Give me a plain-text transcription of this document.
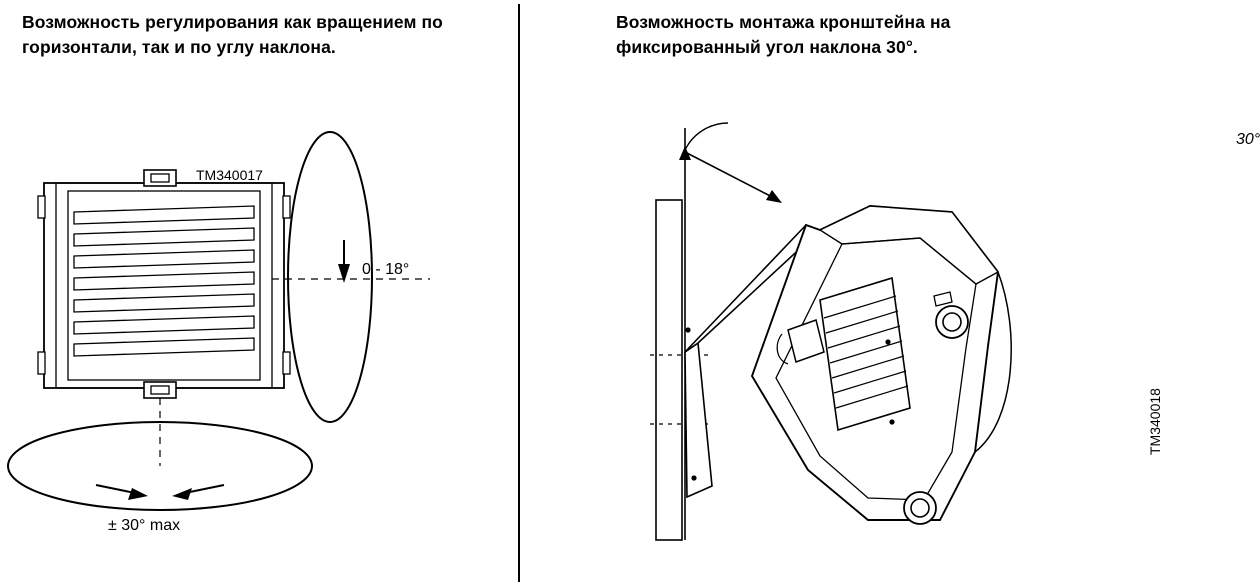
Возможность регулирования как вращением по горизонтали, так и по углу наклона.
TM340017
0 - 18°
± 30° max
Возможность монтажа кронштейна на фиксированный угол наклона 30°.
30°
TM340018
